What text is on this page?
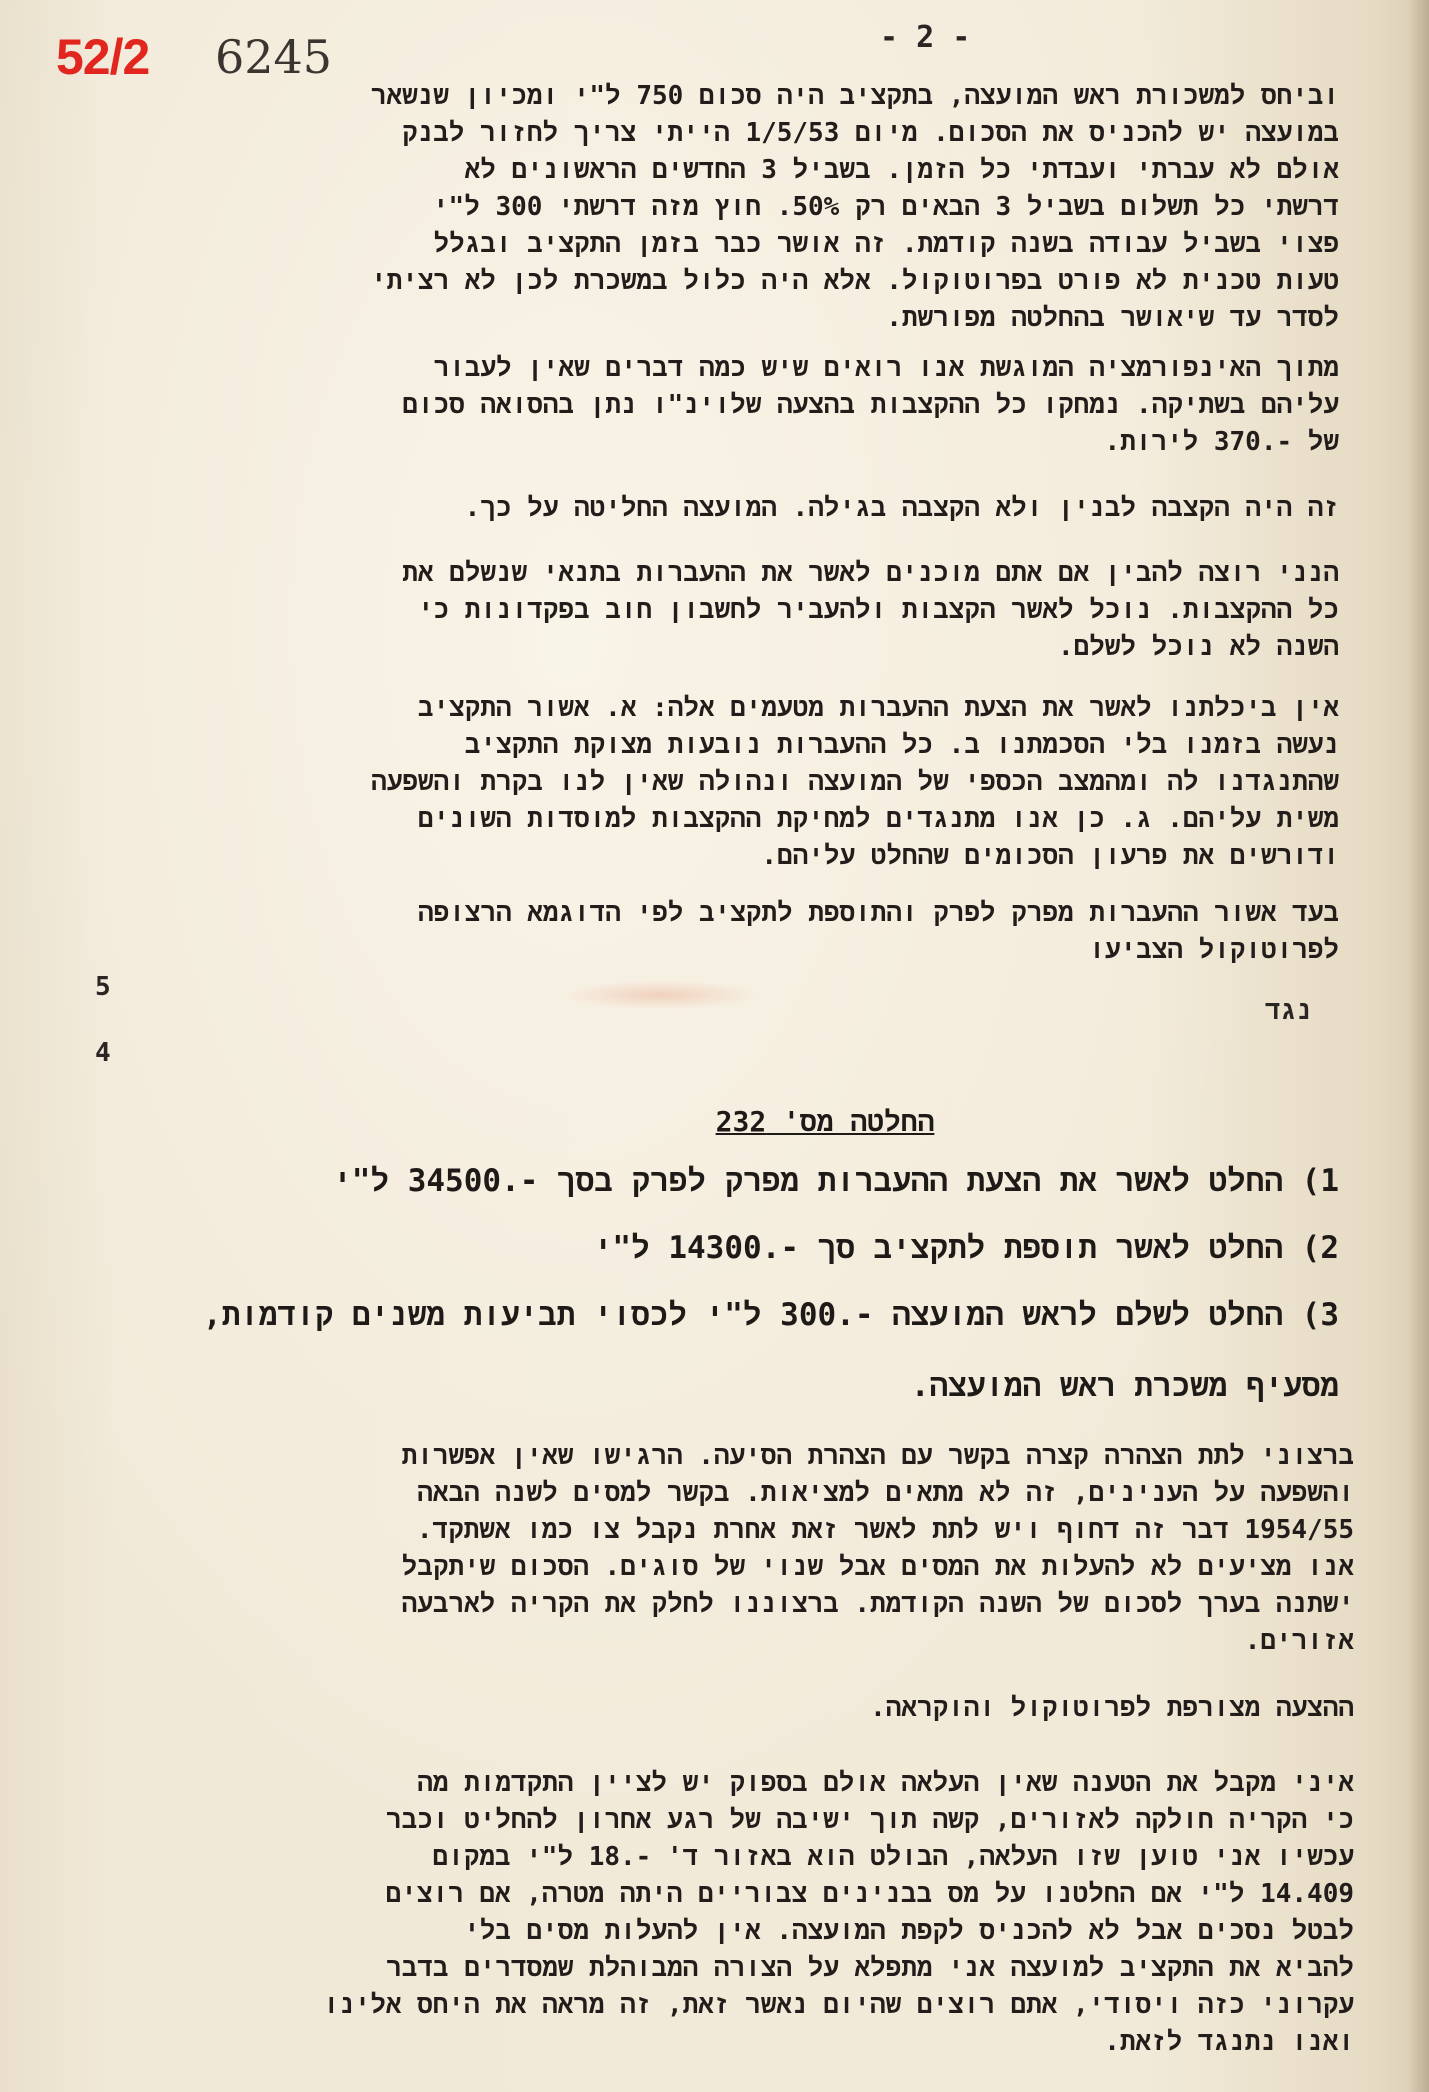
52/2 6245	- 2 -
וביחס למשכורת ראש המועצה, בתקציב היה סכום 750 ל"י ומכיון שנשאר
במועצה יש להכניס את הסכום. מיום 1/5/53 הייתי צריך לחזור לבנק
אולם לא עברתי ועבדתי כל הזמן. בשביל 3 החדשים הראשונים לא
דרשתי כל תשלום בשביל 3 הבאים רק 50%. חוץ מזה דרשתי 300 ל"י
פצוי בשביל עבודה בשנה קודמת. זה אושר כבר בזמן התקציב ובגלל
טעות טכנית לא פורט בפרוטוקול. אלא היה כלול במשכרת לכן לא רציתי
לסדר עד שיאושר בהחלטה מפורשת.
מתוך האינפורמציה המוגשת אנו רואים שיש כמה דברים שאין לעבור
עליהם בשתיקה. נמחקו כל ההקצבות בהצעה שלוינ"ו נתן בהסואה סכום
של -.370 לירות.
זה היה הקצבה לבנין ולא הקצבה בגילה. המועצה החליטה על כך.
הנני רוצה להבין אם אתם מוכנים לאשר את ההעברות בתנאי שנשלם את
כל ההקצבות. נוכל לאשר הקצבות ולהעביר לחשבון חוב בפקדונות כי
השנה לא נוכל לשלם.
אין ביכלתנו לאשר את הצעת ההעברות מטעמים אלה: א. אשור התקציב
נעשה בזמנו בלי הסכמתנו ב. כל ההעברות נובעות מצוקת התקציב
שהתנגדנו לה ומהמצב הכספי של המועצה ונהולה שאין לנו בקרת והשפעה
משית עליהם. ג. כן אנו מתנגדים למחיקת ההקצבות למוסדות השונים
ודורשים את פרעון הסכומים שהחלט עליהם.
בעד אשור ההעברות מפרק לפרק והתוספת לתקציב לפי הדוגמא הרצופה
לפרוטוקול הצביעו
5
נגד
4
החלטה מס' 232
1) החלט לאשר את הצעת ההעברות מפרק לפרק בסך -.34500 ל"י
2) החלט לאשר תוספת לתקציב סך -.14300 ל"י
3) החלט לשלם לראש המועצה -.300 ל"י לכסוי תביעות משנים קודמות,
מסעיף משכרת ראש המועצה.
ברצוני לתת הצהרה קצרה בקשר עם הצהרת הסיעה. הרגישו שאין אפשרות
והשפעה על הענינים, זה לא מתאים למציאות. בקשר למסים לשנה הבאה
1954/55 דבר זה דחוף ויש לתת לאשר זאת אחרת נקבל צו כמו אשתקד.
אנו מציעים לא להעלות את המסים אבל שנוי של סוגים. הסכום שיתקבל
ישתנה בערך לסכום של השנה הקודמת. ברצוננו לחלק את הקריה לארבעה
אזורים.
ההצעה מצורפת לפרוטוקול והוקראה.
איני מקבל את הטענה שאין העלאה אולם בספוק יש לציין התקדמות מה
כי הקריה חולקה לאזורים, קשה תוך ישיבה של רגע אחרון להחליט וכבר
עכשיו אני טוען שזו העלאה, הבולט הוא באזור ד' -.18 ל"י במקום
14.409 ל"י אם החלטנו על מס בבנינים צבוריים היתה מטרה, אם רוצים
לבטל נסכים אבל לא להכניס לקפת המועצה. אין להעלות מסים בלי
להביא את התקציב למועצה אני מתפלא על הצורה המבוהלת שמסדרים בדבר
עקרוני כזה ויסודי, אתם רוצים שהיום נאשר זאת, זה מראה את היחס אלינו
ואנו נתנגד לזאת.
